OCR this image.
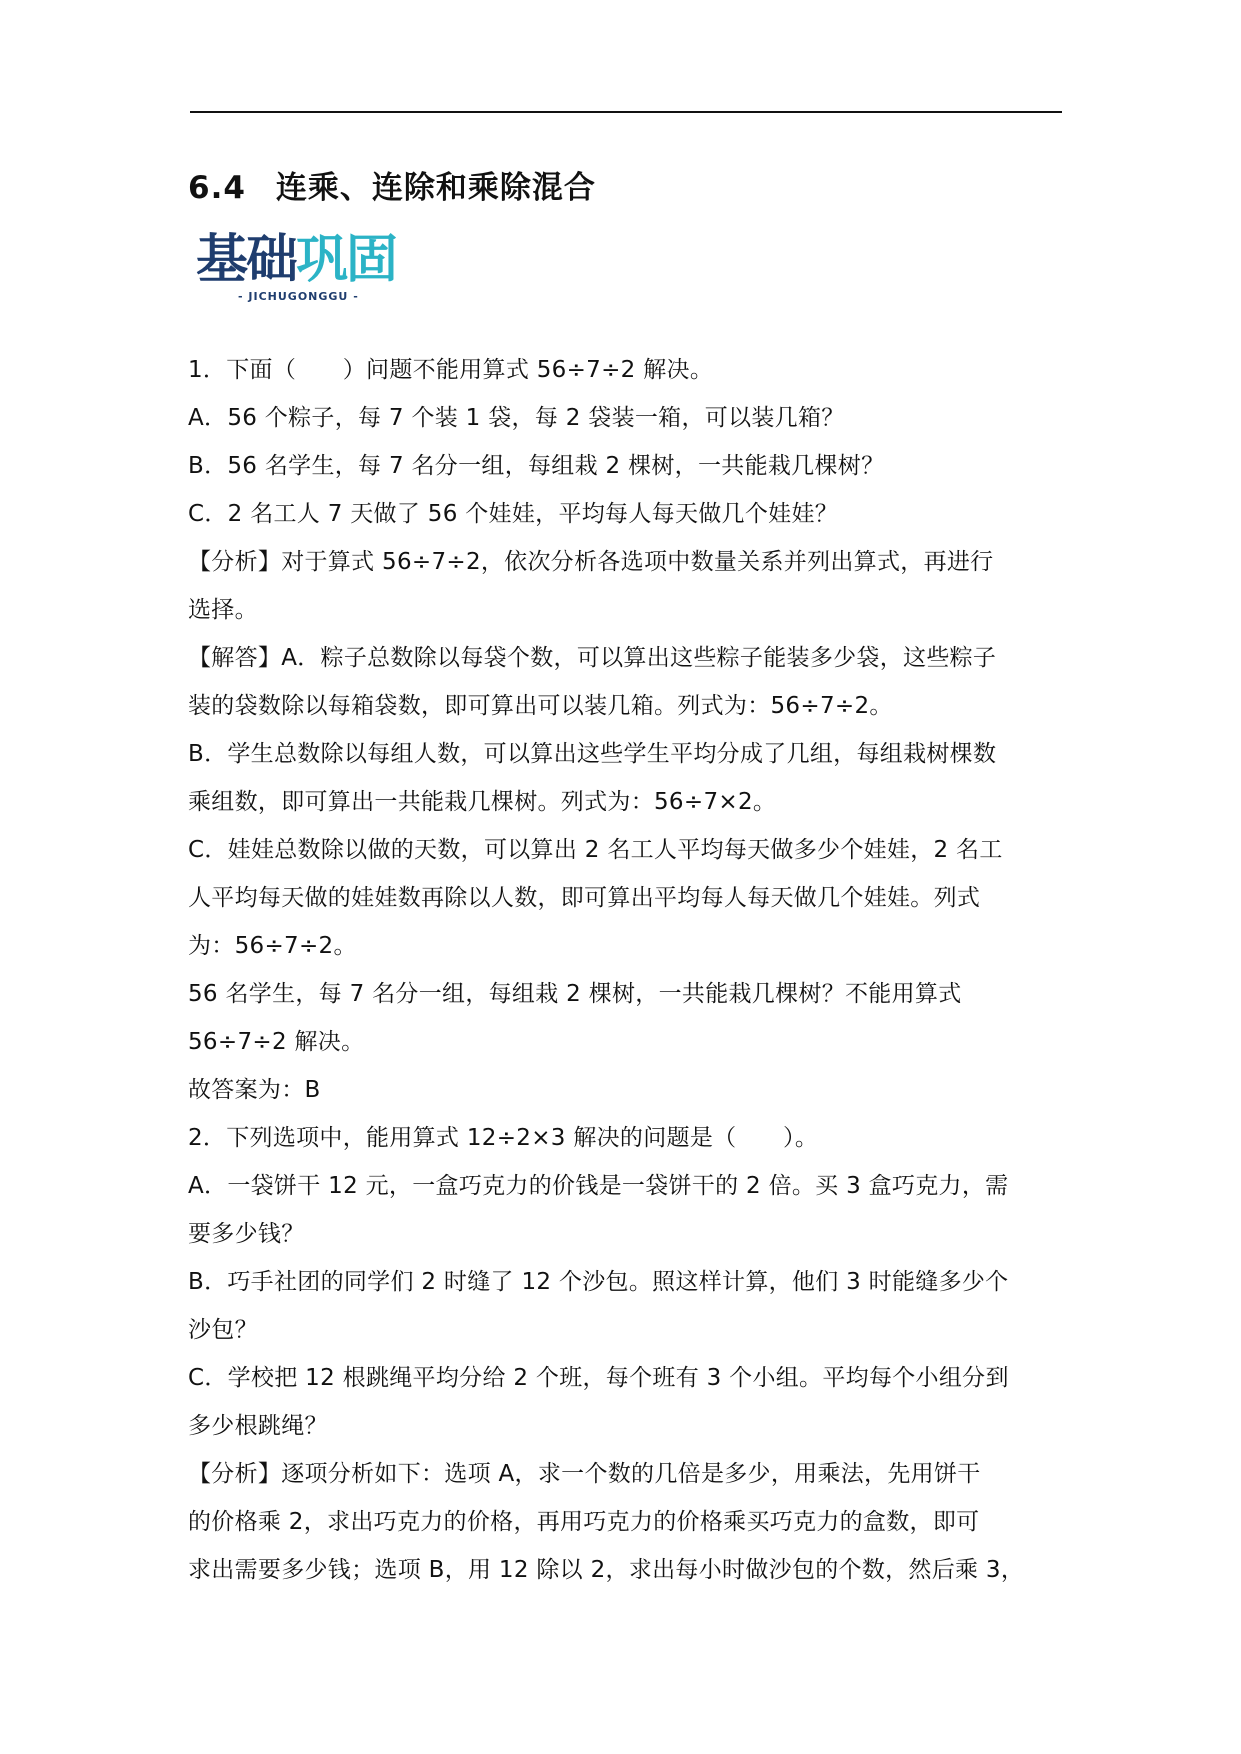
6.4 连乘、连除和乘除混合
基础巩固
- JICHUGONGGU -
1．下面（　　）问题不能用算式 56÷7÷2 解决。
A．56 个粽子，每 7 个装 1 袋，每 2 袋装一箱，可以装几箱？
B．56 名学生，每 7 名分一组，每组栽 2 棵树，一共能栽几棵树？
C．2 名工人 7 天做了 56 个娃娃，平均每人每天做几个娃娃？
【分析】对于算式 56÷7÷2，依次分析各选项中数量关系并列出算式，再进行
选择。
【解答】A．粽子总数除以每袋个数，可以算出这些粽子能装多少袋，这些粽子
装的袋数除以每箱袋数，即可算出可以装几箱。列式为：56÷7÷2。
B．学生总数除以每组人数，可以算出这些学生平均分成了几组，每组栽树棵数
乘组数，即可算出一共能栽几棵树。列式为：56÷7×2。
C．娃娃总数除以做的天数，可以算出 2 名工人平均每天做多少个娃娃，2 名工
人平均每天做的娃娃数再除以人数，即可算出平均每人每天做几个娃娃。列式
为：56÷7÷2。
56 名学生，每 7 名分一组，每组栽 2 棵树，一共能栽几棵树？不能用算式
56÷7÷2 解决。
故答案为：B
2．下列选项中，能用算式 12÷2×3 解决的问题是（　　）。
A．一袋饼干 12 元，一盒巧克力的价钱是一袋饼干的 2 倍。买 3 盒巧克力，需
要多少钱？
B．巧手社团的同学们 2 时缝了 12 个沙包。照这样计算，他们 3 时能缝多少个
沙包？
C．学校把 12 根跳绳平均分给 2 个班，每个班有 3 个小组。平均每个小组分到
多少根跳绳？
【分析】逐项分析如下：选项 A，求一个数的几倍是多少，用乘法，先用饼干
的价格乘 2，求出巧克力的价格，再用巧克力的价格乘买巧克力的盒数，即可
求出需要多少钱；选项 B，用 12 除以 2，求出每小时做沙包的个数，然后乘 3，
